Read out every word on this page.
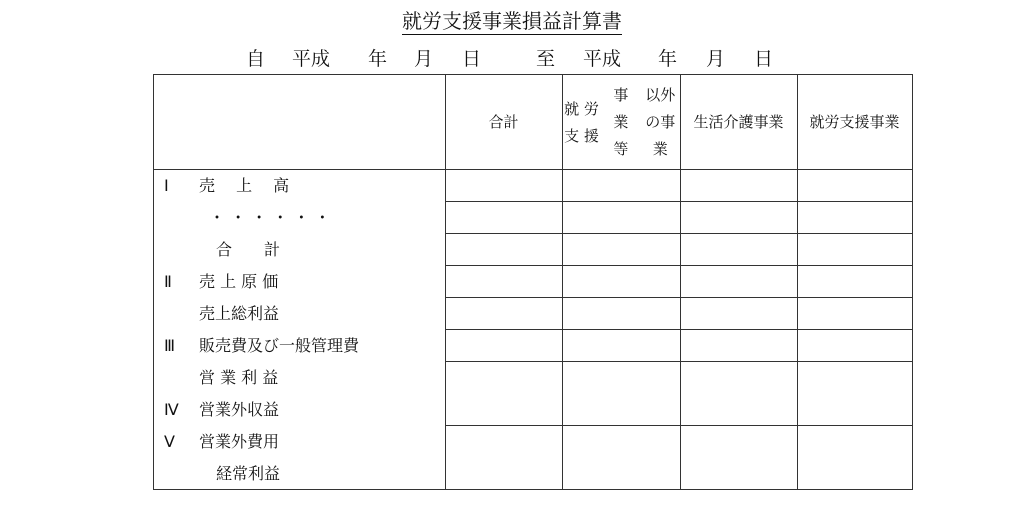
就労支援事業損益計算書
自 平成 年 月 日	至 平成 年 月 日
合計
就 労 支 援
事　業　等
以外の事業
生活介護 事業 就労支援 事業
Ⅰ 売　 上　 高
・ ・ ・ ・ ・ ・
合　　計
Ⅱ 売 上 原 価
売上総利益
Ⅲ 販売費及び一般管理費
営 業 利 益
Ⅳ 営業外収益
Ⅴ 営業外費用
経常利益
